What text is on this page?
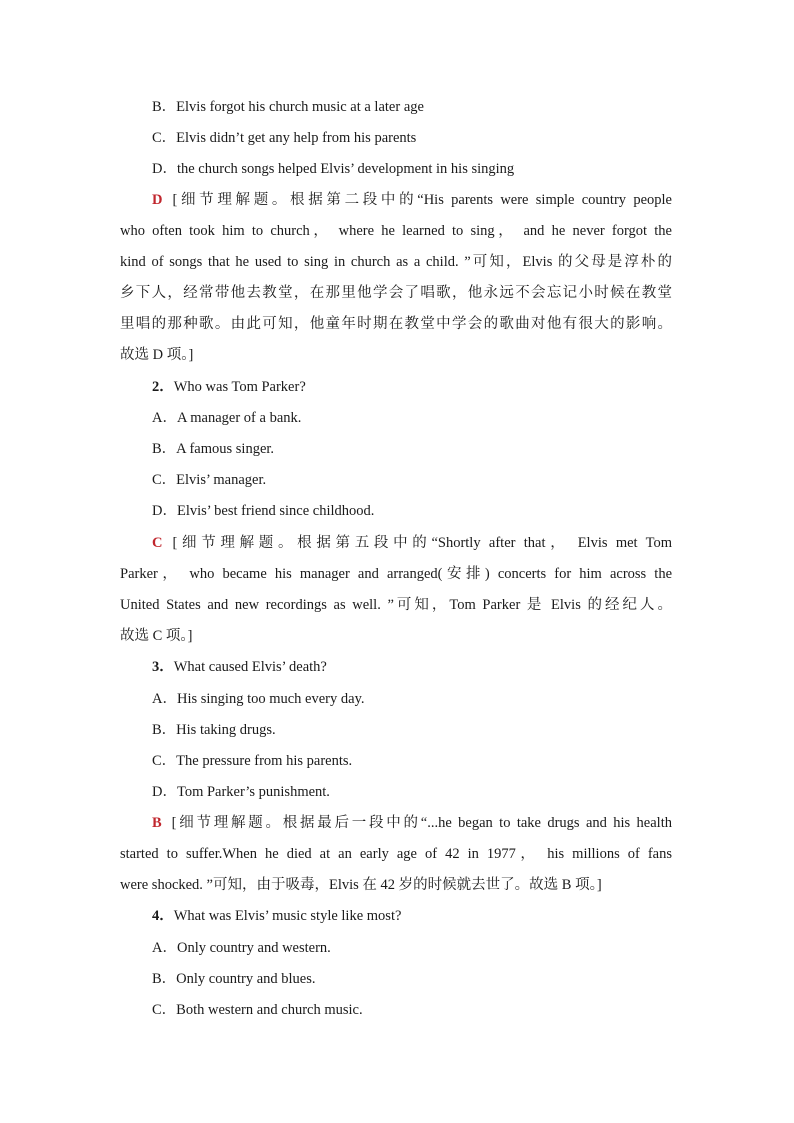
B．Elvis forgot his church music at a later age
C．Elvis didn’t get any help from his parents
D．the church songs helped Elvis’ development in his singing
D [细节理解题。根据第二段中的“His parents were simple country people
who often took him to church， where he learned to sing， and he never forgot the
kind of songs that he used to sing in church as a child. ”可知，Elvis 的父母是淳朴的
乡下人，经常带他去教堂，在那里他学会了唱歌，他永远不会忘记小时候在教堂
里唱的那种歌。由此可知，他童年时期在教堂中学会的歌曲对他有很大的影响。
故选 D 项。]
2．Who was Tom Parker?
A．A manager of a bank.
B．A famous singer.
C．Elvis’ manager.
D．Elvis’ best friend since childhood.
C [细节理解题。根据第五段中的“Shortly after that， Elvis met Tom
Parker， who became his manager and arranged(安排) concerts for him across the
United States and new recordings as well. ”可知，Tom Parker 是 Elvis 的经纪人。
故选 C 项。]
3．What caused Elvis’ death?
A．His singing too much every day.
B．His taking drugs.
C．The pressure from his parents.
D．Tom Parker’s punishment.
B [细节理解题。根据最后一段中的“...he began to take drugs and his health
started to suffer.When he died at an early age of 42 in 1977， his millions of fans
were shocked. ”可知，由于吸毒，Elvis 在 42 岁的时候就去世了。故选 B 项。]
4．What was Elvis’ music style like most?
A．Only country and western.
B．Only country and blues.
C．Both western and church music.
